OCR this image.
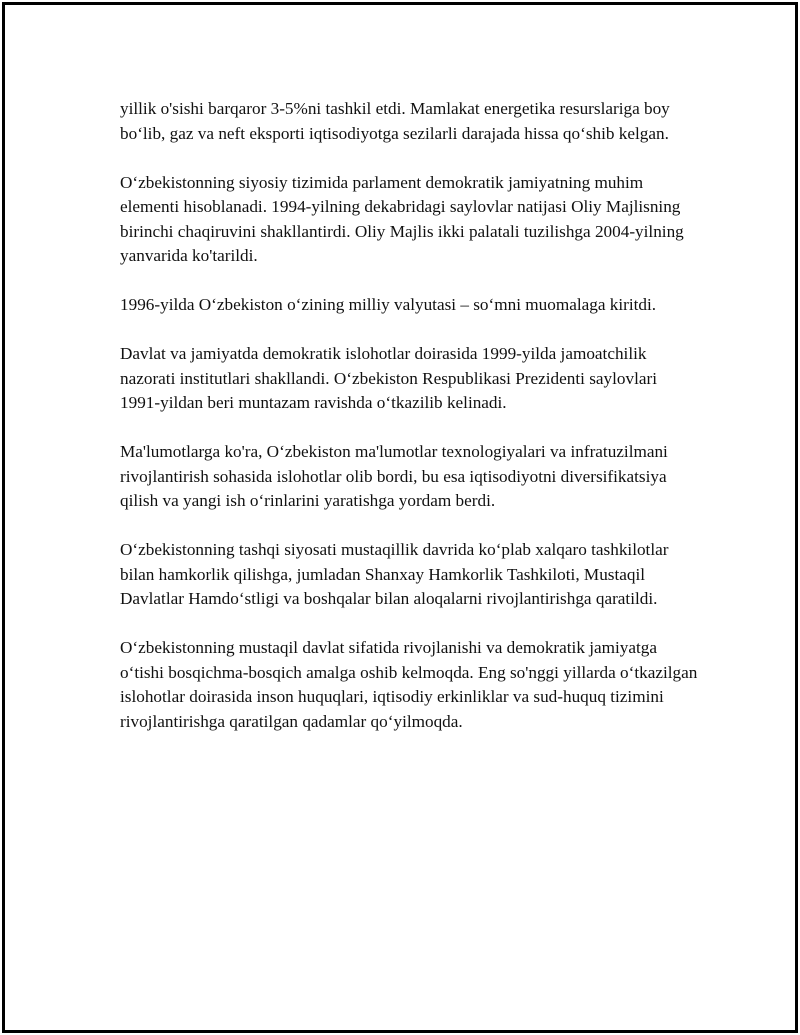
yillik o'sishi barqaror 3-5%ni tashkil etdi. Mamlakat energetika resurslariga boy bo‘lib, gaz va neft eksporti iqtisodiyotga sezilarli darajada hissa qo‘shib kelgan.

O‘zbekistonning siyosiy tizimida parlament demokratik jamiyatning muhim elementi hisoblanadi. 1994-yilning dekabridagi saylovlar natijasi Oliy Majlisning birinchi chaqiruvini shakllantirdi. Oliy Majlis ikki palatali tuzilishga 2004-yilning yanvarida ko'tarildi.

1996-yilda O‘zbekiston o‘zining milliy valyutasi – so‘mni muomalaga kiritdi.

Davlat va jamiyatda demokratik islohotlar doirasida 1999-yilda jamoatchilik nazorati institutlari shakllandi. O‘zbekiston Respublikasi Prezidenti saylovlari 1991-yildan beri muntazam ravishda o‘tkazilib kelinadi.

Ma'lumotlarga ko'ra, O‘zbekiston ma'lumotlar texnologiyalari va infratuzilmani rivojlantirish sohasida islohotlar olib bordi, bu esa iqtisodiyotni diversifikatsiya qilish va yangi ish o‘rinlarini yaratishga yordam berdi.

O‘zbekistonning tashqi siyosati mustaqillik davrida ko‘plab xalqaro tashkilotlar bilan hamkorlik qilishga, jumladan Shanxay Hamkorlik Tashkiloti, Mustaqil Davlatlar Hamdo‘stligi va boshqalar bilan aloqalarni rivojlantirishga qaratildi.

O‘zbekistonning mustaqil davlat sifatida rivojlanishi va demokratik jamiyatga o‘tishi bosqichma-bosqich amalga oshib kelmoqda. Eng so'nggi yillarda o‘tkazilgan islohotlar doirasida inson huquqlari, iqtisodiy erkinliklar va sud-huquq tizimini rivojlantirishga qaratilgan qadamlar qo‘yilmoqda.
